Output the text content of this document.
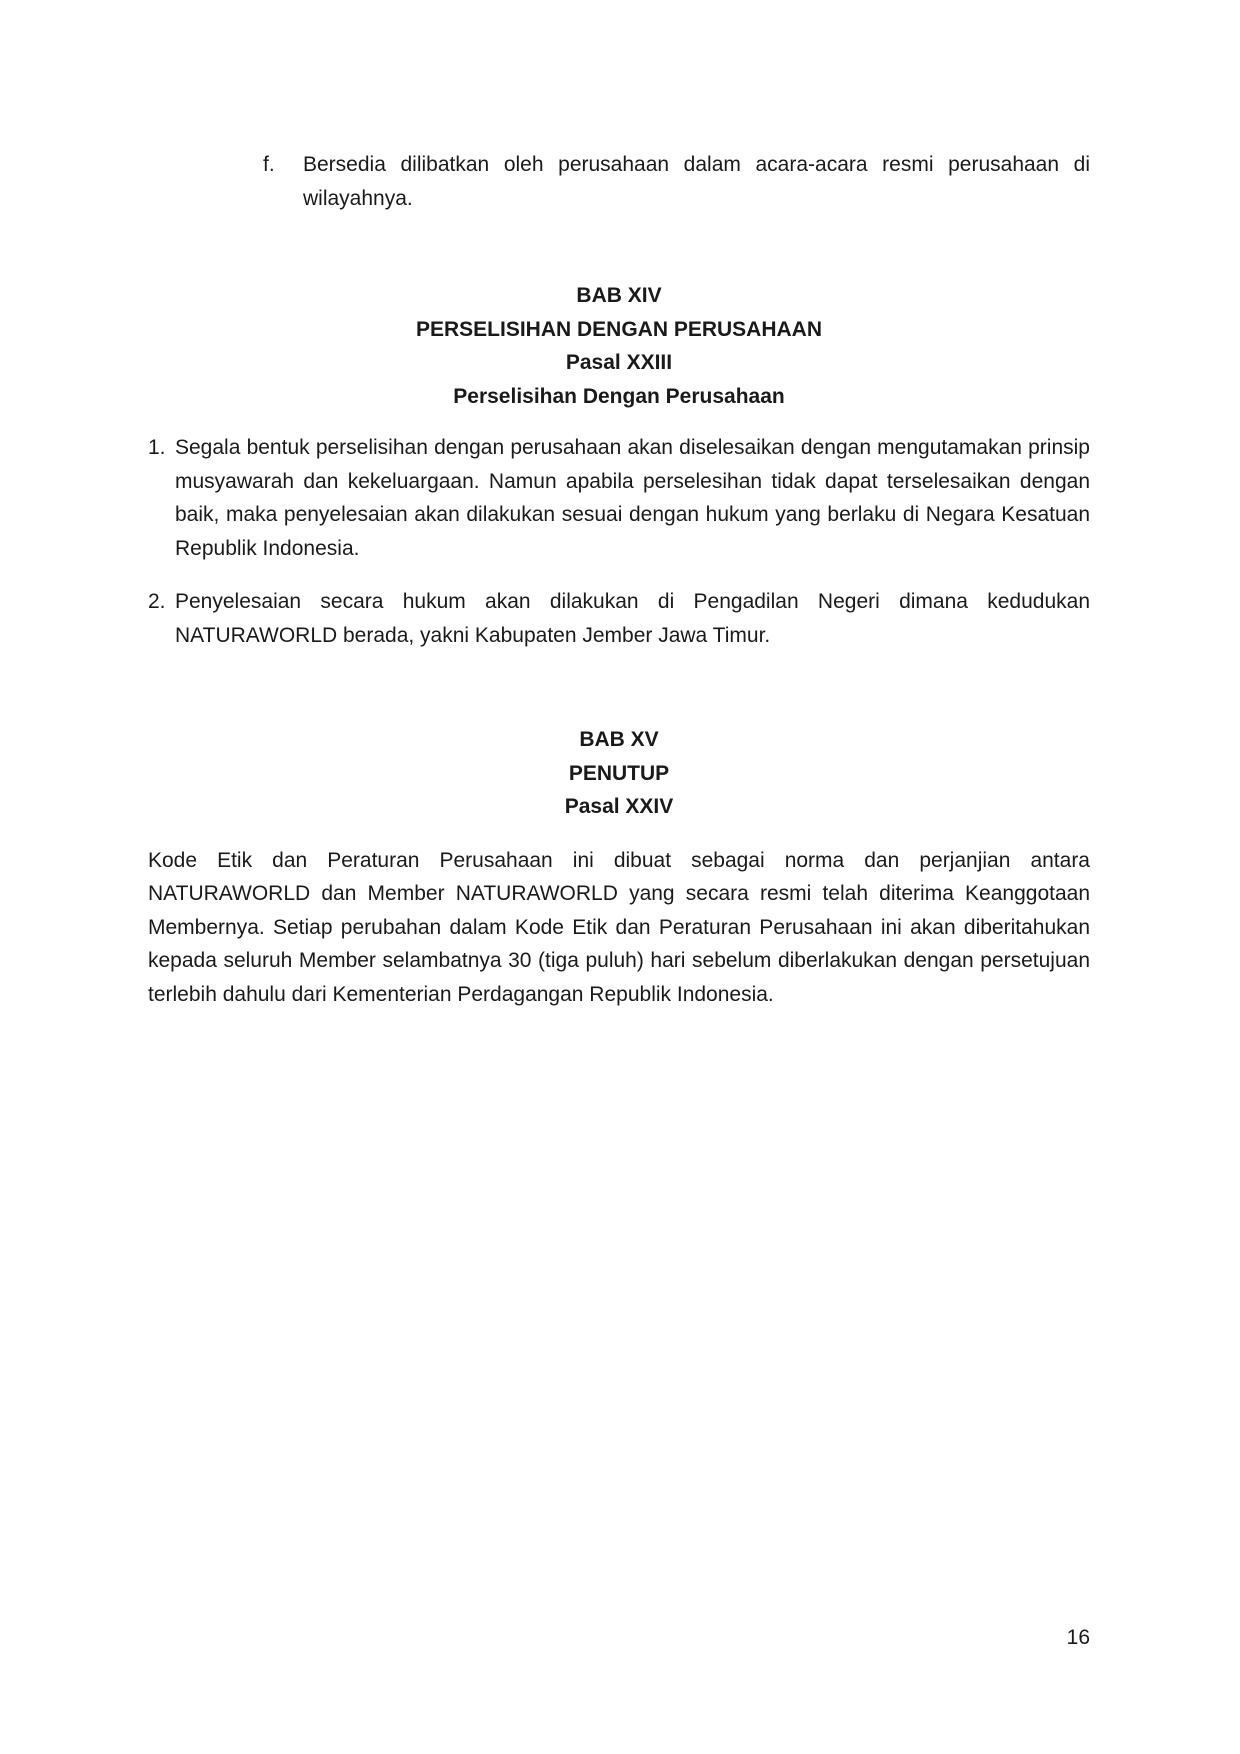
f.	Bersedia dilibatkan oleh perusahaan dalam acara-acara resmi perusahaan di wilayahnya.
BAB XIV
PERSELISIHAN DENGAN PERUSAHAAN
Pasal XXIII
Perselisihan Dengan Perusahaan
1. Segala bentuk perselisihan dengan perusahaan akan diselesaikan dengan mengutamakan prinsip musyawarah dan kekeluargaan. Namun apabila perselesihan tidak dapat terselesaikan dengan baik, maka penyelesaian akan dilakukan sesuai dengan hukum yang berlaku di Negara Kesatuan Republik Indonesia.
2. Penyelesaian secara hukum akan dilakukan di Pengadilan Negeri dimana kedudukan NATURAWORLD berada, yakni Kabupaten Jember Jawa Timur.
BAB XV
PENUTUP
Pasal XXIV

Kode Etik dan Peraturan Perusahaan ini dibuat sebagai norma dan perjanjian antara NATURAWORLD dan Member NATURAWORLD yang secara resmi telah diterima Keanggotaan Membernya. Setiap perubahan dalam Kode Etik dan Peraturan Perusahaan ini akan diberitahukan kepada seluruh Member selambatnya 30 (tiga puluh) hari sebelum diberlakukan dengan persetujuan terlebih dahulu dari Kementerian Perdagangan Republik Indonesia.

16
